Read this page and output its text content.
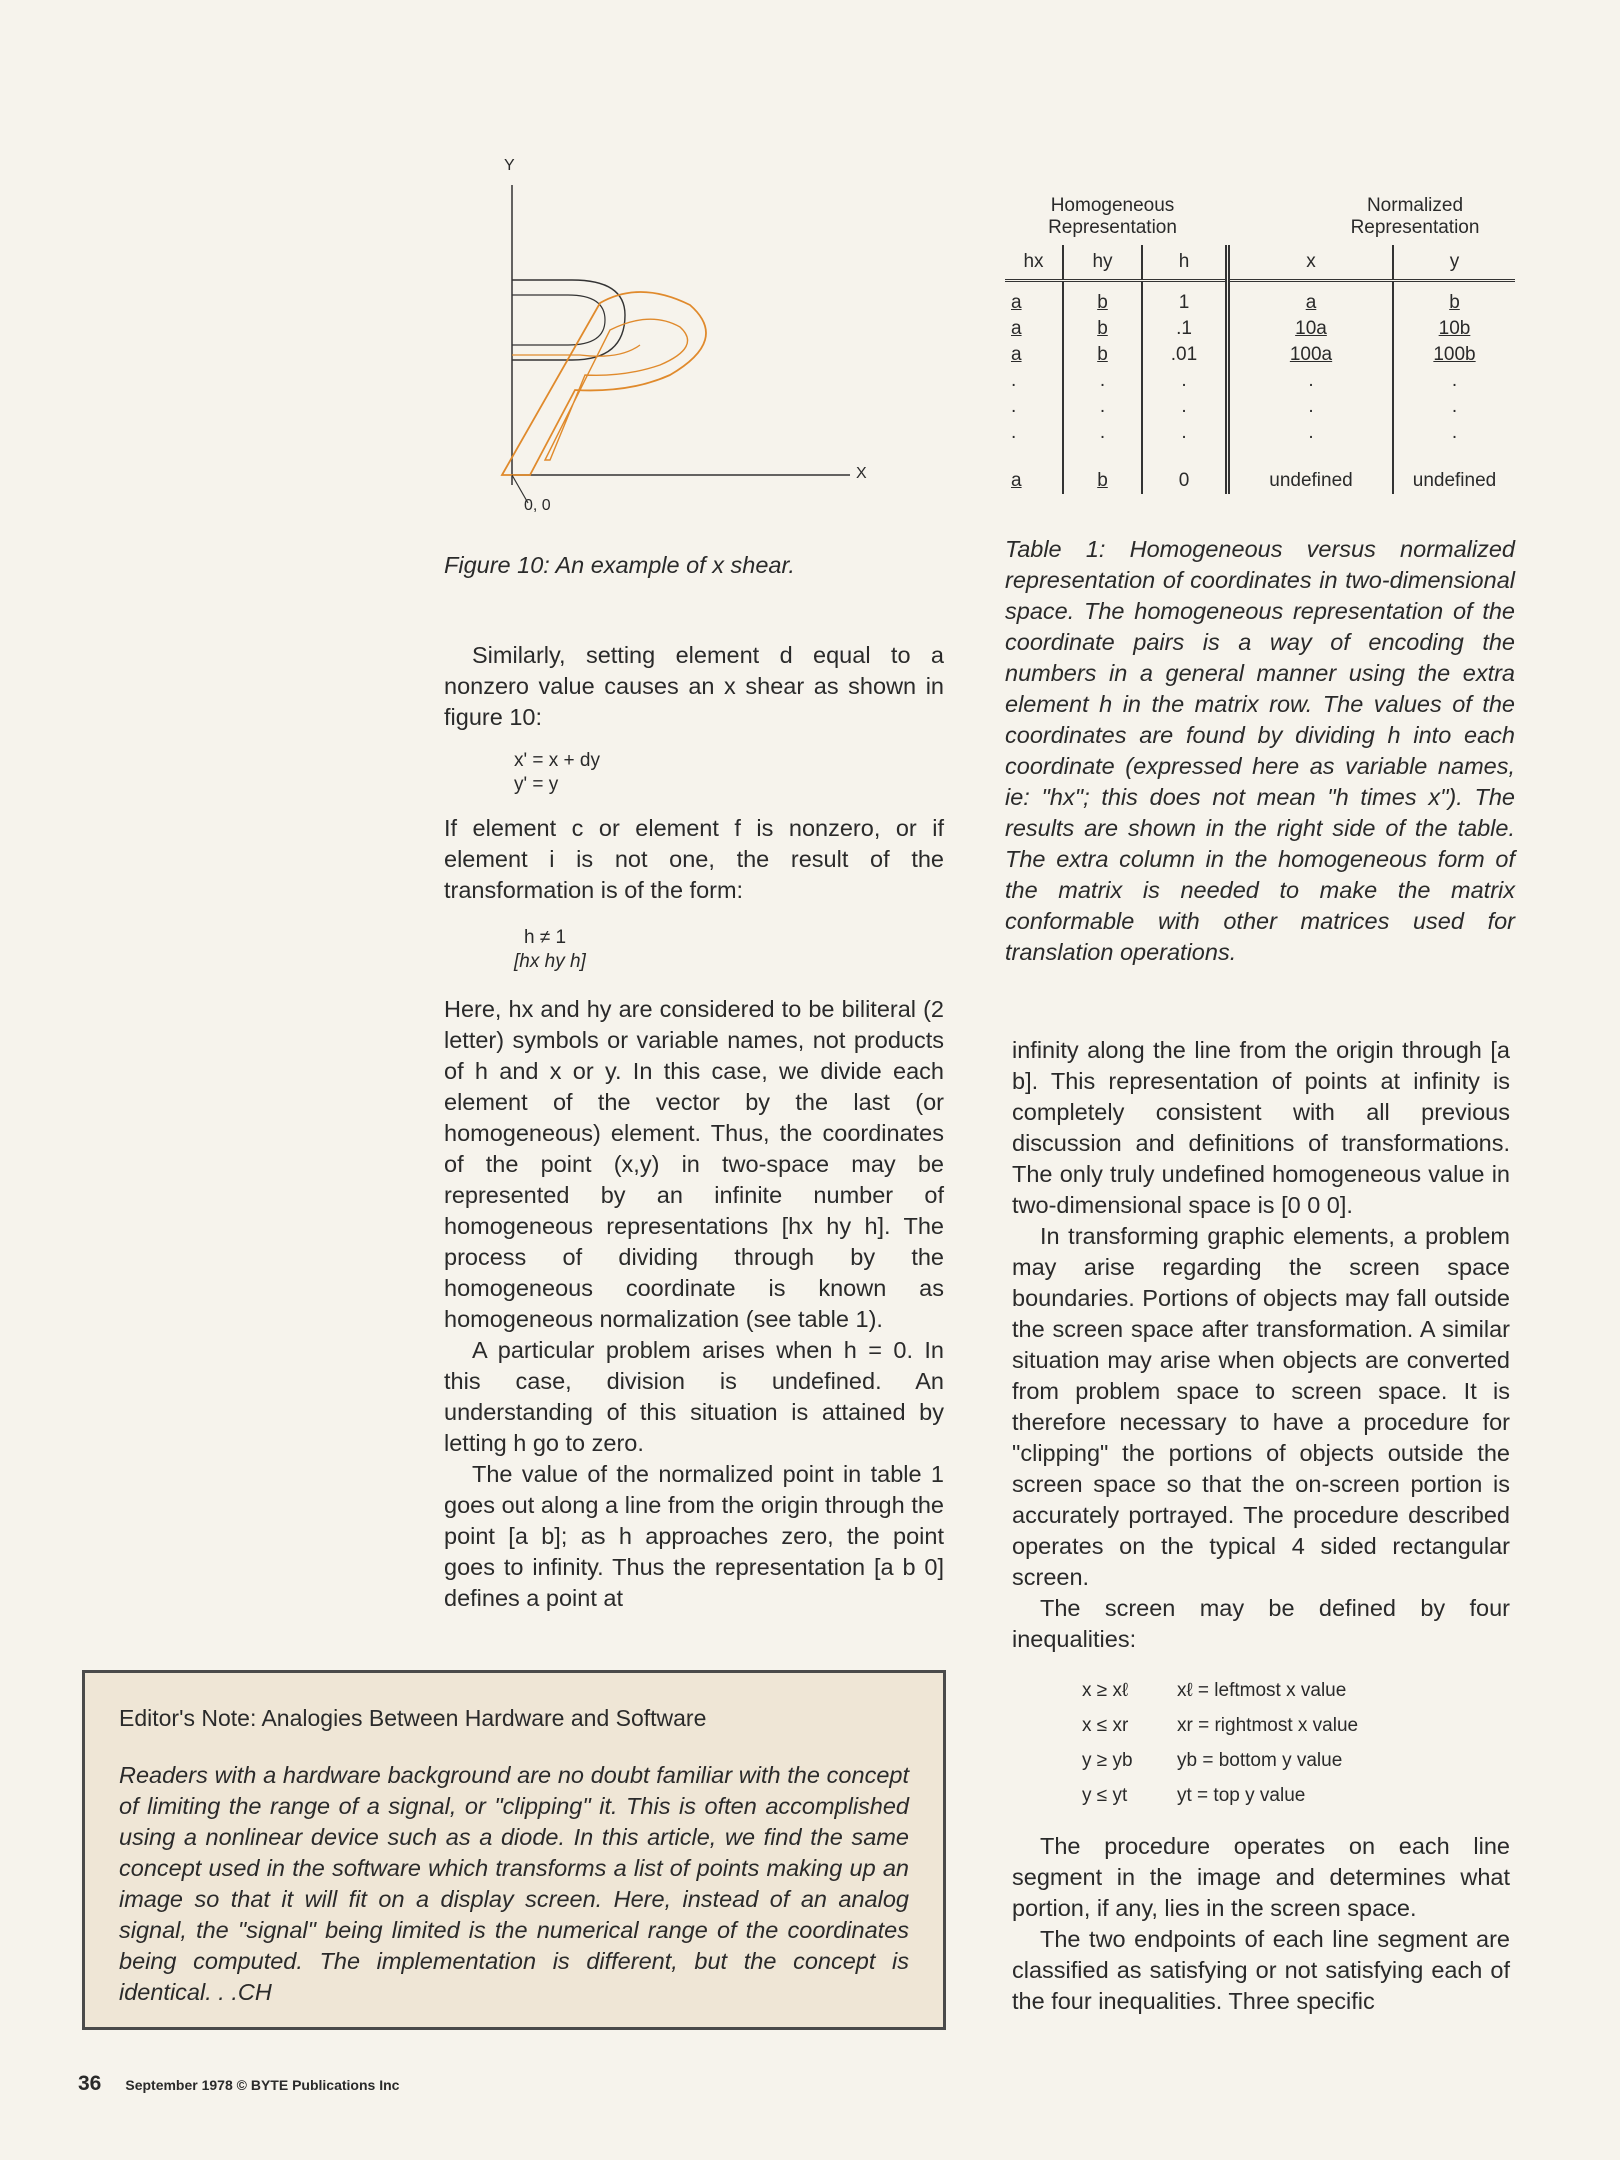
Y
X
0, 0
Figure 10: An example of x shear.

Similarly, setting element d equal to a nonzero value causes an x shear as shown in figure 10:

x' = x + dy
y' = y

If element c or element f is nonzero, or if element i is not one, the result of the transformation is of the form:

h ≠ 1
[hx hy h]

Here, hx and hy are considered to be biliteral (2 letter) symbols or variable names, not products of h and x or y. In this case, we divide each element of the vector by the last (or homogeneous) element. Thus, the coordinates of the point (x,y) in two-space may be represented by an infinite number of homogeneous representations [hx hy h]. The process of dividing through by the homogeneous coordinate is known as homogeneous normalization (see table 1).

A particular problem arises when h = 0. In this case, division is undefined. An understanding of this situation is attained by letting h go to zero.

The value of the normalized point in table 1 goes out along a line from the origin through the point [a b]; as h approaches zero, the point goes to infinity. Thus the representation [a b 0] defines a point at

Homogeneous Representation
Normalized Representation
hx	hy	h	x	y
a	b	1	a	b
a	b	.1	10a	10b
a	b	.01	100a	100b
.	.	.	.	.
.	.	.	.	.
.	.	.	.	.
a	b	0	undefined	undefined
Table 1: Homogeneous versus normalized representation of coordinates in two-dimensional space. The homogeneous representation of the coordinate pairs is a way of encoding the numbers in a general manner using the extra element h in the matrix row. The values of the coordinates are found by dividing h into each coordinate (expressed here as variable names, ie: "hx"; this does not mean "h times x"). The results are shown in the right side of the table. The extra column in the homogeneous form of the matrix is needed to make the matrix conformable with other matrices used for translation operations.

infinity along the line from the origin through [a b]. This representation of points at infinity is completely consistent with all previous discussion and definitions of transformations. The only truly undefined homogeneous value in two-dimensional space is [0 0 0].

In transforming graphic elements, a problem may arise regarding the screen space boundaries. Portions of objects may fall outside the screen space after transformation. A similar situation may arise when objects are converted from problem space to screen space. It is therefore necessary to have a procedure for "clipping" the portions of objects outside the screen space so that the on-screen portion is accurately portrayed. The procedure described operates on the typical 4 sided rectangular screen.

The screen may be defined by four inequalities:

x ≥ xℓ	xℓ = leftmost x value
x ≤ xr	xr = rightmost x value
y ≥ yb	yb = bottom y value
y ≤ yt	yt = top y value

The procedure operates on each line segment in the image and determines what portion, if any, lies in the screen space.

The two endpoints of each line segment are classified as satisfying or not satisfying each of the four inequalities. Three specific

Editor's Note: Analogies Between Hardware and Software

Readers with a hardware background are no doubt familiar with the concept of limiting the range of a signal, or "clipping" it. This is often accomplished using a nonlinear device such as a diode. In this article, we find the same concept used in the software which transforms a list of points making up an image so that it will fit on a display screen. Here, instead of an analog signal, the "signal" being limited is the numerical range of the coordinates being computed. The implementation is different, but the concept is identical. . .CH

36 September 1978 © BYTE Publications Inc
